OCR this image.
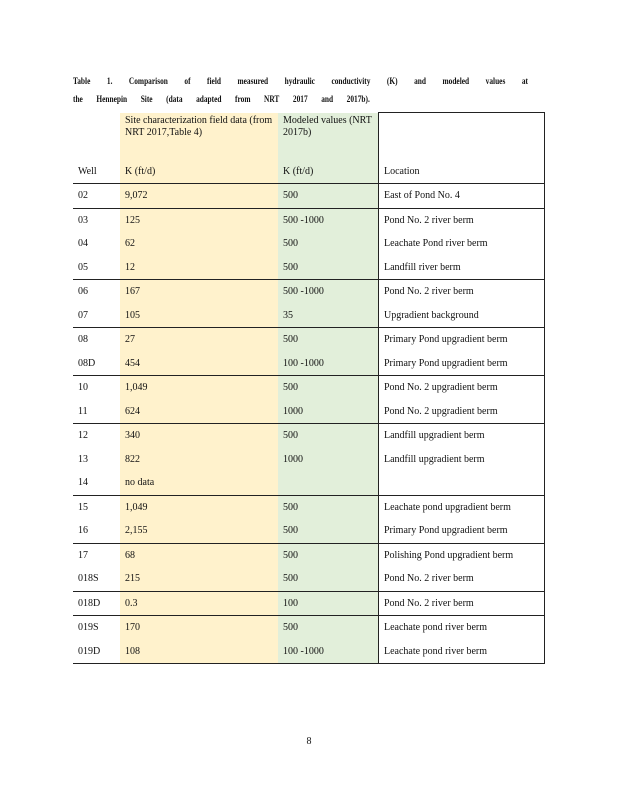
Table 1. Comparison of field measured hydraulic conductivity (K) and modeled values at
the Hennepin Site (data adapted from NRT 2017 and 2017b).
	Site characterization field data (from NRT 2017,Table 4)	Modeled values (NRT 2017b)	
Well	K (ft/d)	K (ft/d)	Location
02	9,072	500	East of Pond No. 4
03	125	500 -1000	Pond No. 2 river berm
04	62	500	Leachate Pond river berm
05	12	500	Landfill river berm
06	167	500 -1000	Pond No. 2 river berm
07	105	35	Upgradient background
08	27	500	Primary Pond upgradient berm
08D	454	100 -1000	Primary Pond upgradient berm
10	1,049	500	Pond No. 2 upgradient berm
11	624	1000	Pond No. 2 upgradient berm
12	340	500	Landfill upgradient berm
13	822	1000	Landfill upgradient berm
14	no data		
15	1,049	500	Leachate pond upgradient berm
16	2,155	500	Primary Pond upgradient berm
17	68	500	Polishing Pond upgradient berm
018S	215	500	Pond No. 2 river berm
018D	0.3	100	Pond No. 2 river berm
019S	170	500	Leachate pond river berm
019D	108	100 -1000	Leachate pond river berm
8
